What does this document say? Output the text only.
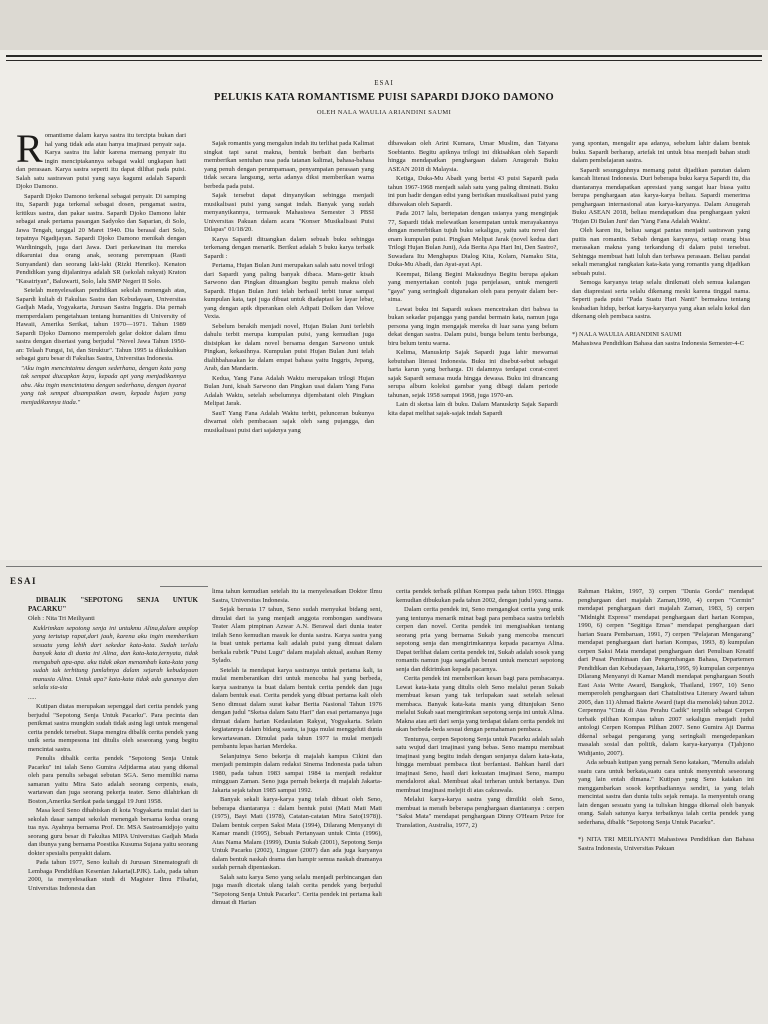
ESAI
PELUKIS KATA ROMANTISME PUISI SAPARDI DJOKO DAMONO
OLEH NALA WAULIA ARIANDINI SAUMI

Romantisme dalam karya sastra itu tercipta bukan dari hal yang tidak ada atau hanya imajinasi penyair saja. Karya sastra itu lahir karena memang penyair itu ingin menciptakannya sebagai wakil ungkapan hati dan perasaan. Karya sastra seperti itu dapat dilihat pada puisi. Salah satu sastrawan puisi yang saya kagumi adalah Sapardi Djoko Damono.

Sapardi Djoko Damono terkenal sebagai penyair. Di samping itu, Sapardi juga terkenal sebagai dosen, pengamat sastra, kritikus sastra, dan pakar sastra. Sapardi Djoko Damono lahir sebagai anak pertama pasangan Sadyoko dan Saparian, di Solo, Jawa Tengah, tanggal 20 Maret 1940. Dia berasal dari Solo, tepatnya Ngadijayan. Sapardi Djoko Damono menikah dengan Wardiningsih, juga dari Jawa. Dari perkawinan itu mereka dikaruniai dua orang anak, seorang perempuan (Rasti Sunyandani) dan seorang laki-laki (Rizki Henriko). Kenaton Pendidikan yang dijalaninya adalah SR (sekolah rakyat) Kraton "Kasatriyan", Baluwarti, Solo, lalu SMP Negeri II Solo.

Setelah menyelesaikan pendidikan sekolah menengah atas, Sapardi kuliah di Fakultas Sastra dan Kebudayaan, Universitas Gadjah Mada, Yogyakarta, Jurusan Sastra Inggris. Dia pernah memperdalam pengetahuan tentang humanities di University of Hawaii, Amerika Serikat, tahun 1970—1971. Tahun 1989 Sapardi Djoko Damono memperoleh gelar doktor dalam ilmu sastra dengan disertasi yang berjudul "Novel Jawa Tahun 1950-an: Telaah Fungsi, Isi, dan Struktur". Tahun 1995 ia dikukuhkan sebagai guru besar di Fakultas Sastra, Universitas Indonesia.

"Aku ingin mencintaimu dengan sederhana, dengan kata yang tak sempat diucapkan kayu, kepada api yang menjadikannya abu. Aku ingin mencintaimu dengan sederhana, dengan isyarat yang tak sempat disampaikan awan, kepada hujan yang menjadikannya tiada."

Sajak romantis yang mengalun indah itu terlihat pada Kalimat singkat tapi sarat makna, bentuk berbait dan berbaris memberikan sentuhan rasa pada tatanan kalimat, bahasa-bahasa yang penuh dengan perumpamaan, penyampaian perasaan yang tidak secara langsung, serta adanya diksi memberikan warna berbeda pada puisi.

Sajak tersebut dapat dinyanyikan sebingga menjadi musikalisasi puisi yang sangat indah. Banyak yang sudah menyanyikannya, termasuk Mahasiswa Semester 3 PBSI Universitas Pakuan dalam acara "Konser Musikalisasi Puisi Dilapas" 01/18/20.

Karya Sapardi dituangkan dalam sebuah buku sehingga terkenang dengan menarik. Berikut adalah 5 buku karya terbaik Sapardi :

Pertama, Hujan Bulan Juni merupakan salah satu novel trilogi dari Sapardi yang paling banyak dibaca. Mans-getir kisah Sarwono dan Pingkan dituangkan begitu penuh makna oleh Sapardi. Hujan Bulan Juni telah berhasil terbit tunar sampai kumpulan kata, tapi juga dibuat untuk diadaptasi ke layar lebar, yang dengan apik diperankan oleh Adipati Dolken dan Velove Vexia.

Sebelum berakih menjadi novel, Hujan Bulan Juni terlebih dahulu terbit merupa kumpulan puisi, yang kemudian juga disisipkan ke dalam novel bersama dengan Sarwono untuk Pingkan, kekasihnya. Kumpulan puisi Hujan Bulan Juni telah dialihbahasakan ke dalam empat bahasa yaitu Inggris, Jepang, Arab, dan Mandarin.

Kedua, Yang Fana Adalah Waktu merupakan trilogi Hujan Bulan Juni, kisah Sarwono dan Pingkan usai dalam Yang Fana Adalah Waktu, setelah sebelumnya dijembatani oleh Pingkan Melipat Jarak.

SauT Yang Fana Adalah Waktu terbit, pelunceran bukunya diwarnai oleh pembacaan sajak oleh sang pujangga, dan musikalisasi puisi dari sajaknya yang

dibawakan oleh Arini Kumara, Umar Muslim, dan Tatyana Soebianto. Begitu apiknya trilogi ini dikisahkan oleh Sapardi hingga mendapatkan penghargaan dalam Anugerah Buku ASEAN 2018 di Malaysia.

Ketiga, Duka-Mu Abadi yang berisi 43 puisi Sapardi pada tahun 1967-1968 menjadi salah satu yang paling diminati. Buku ini pun hadir dengan edisi yang berisikan musikalisasi puisi yang dibawakan oleh Sapardi.

Pada 2017 lalu, bertepatan dengan usianya yang menginjak 77, Sapardi tidak melewatkan kesempatan untuk merayakannya dengan menerbitkan tujuh buku sekaligus, yaitu satu novel dan enam kumpulan puisi. Pingkan Melipat Jarak (novel kedua dari Trilogi Hujan Bulan Juni), Ada Berita Apa Hari Ini, Den Sastro?, Suwadara Itu Menghapus Dialog Kita, Kolam, Namaku Sita, Duka-Mu Abadi, dan Ayat-ayat Api.

Keempat, Bilang Begini Maksudnya Begitu berupa ajakan yang menyertakan contoh juga penjelasan, untuk mengerti "gaya" yang seringkali digunakan oleh para penyair dalam ber-sima.

Lewat buku ini Sapardi sukses mencetrakan diri bahwa ia bukan sekadar pujangga yang pandai bermain kata, namun juga persona yang ingin mengajak mereka di luar sana yang belum dekat dengan sastra. Dalam puisi, bunga belum tentu berbunga, biru belum tentu warna.

Kelima, Manuskrip Sajak Sapardi juga lahir mewarnai kebutuhan literasi Indonesia. Buku ini disebut-sebut sebagai harta karun yang berharga. Di dalamnya terdapat corat-coret sajak Sapardi semasa muda hingga dewasa. Buku ini dirancang serupa album koleksi gambar yang dibagi dalam periode tahunan, sejak 1958 sampai 1968, juga 1970-an.

Lain di sketsa lain di buku. Dalam Manuskrip Sajak Sapardi kita dapat melihat sajak-sajak indah Sapardi

yang spontan, mengalir apa adanya, sebelum lahir dalam bentuk buku. Sapardi berharap, artefak ini untuk bisa menjadi bahan studi dalam pembelajaran sastra.

Sapardi sesungguhnya memang patut dijadikan panutan dalam kancah literasi Indonesia. Duri beberapa buku karya Sapardi itu, dia diantaranya mendapatkan apresiasi yang sangat luar biasa yaitu berupa penghargaan atas karya-karya beliau. Sapardi menerima penghargaan internasional atas karya-karyanya. Dalam Anugerah Buku ASEAN 2018, beliau mendapatkan dua penghargaan yakni 'Hujan Di Bulan Juni' dan 'Yang Fana Adalah Waktu'.

Oleh karen itu, beliau sangat pantas menjadi sastrawan yang puitis nan romantis. Sebab dengan karyanya, setiap orang bisa merasakan makna yang terkandung di dalam puisi tersebut. Sehingga membuat hati luluh dan terbawa perasaan. Beliau pandai sekali merangkai rangkaian kata-kata yang romantis yang dijadikan sebuah puisi.

Semoga karyanya tetap selalu dinikmati oleh semua kalangan dan diapresiasi serta selalu dikenang meski karena tinggal nama. Seperti pada puisi "Pada Suatu Hari Nanti" bermakna tentang keabadian hidup, berkat karya-karyanya yang akan selalu kekal dan dikenang oleh pembaca sastra.

*) NALA WAULIA ARIANDINI SAUMI

Mahasiswa Pendidikan Bahasa dan sastra Indonesia Semester-4-C

ESAI

DIBALIK "SEPOTONG SENJA UNTUK PACARKU"

Oleh : Nita Tri Meiliyanti

Kuklrimkan sepotong senja ini untukmu Alina,dalam amplop yang tertutup rapat,dari jauh, karena aku ingin memberikan sesuatu yang lebih dari sekedar kata-kata. Sudah terlalu banyak kata di dunia ini Alina, dan kata-kata,ternyata, tidak mengubah apa-apa. aku tidak akan menambah kata-kata yang sudah tak terhitung jumlahnya dalam sejarah kebudayaan manusia Alina. Untuk apa? kata-kata tidak ada gunanya dan selalu sia-sia

.....

Kutipan diatas merupakan sepenggal dari cerita pendek yang berjudul "Sepotong Senja Untuk Pacarku". Para pecinta dan penikmat sastra mungkin sudah tidak asing lagi untuk mengenal cerita pendek tersebut. Siapa mengira dibalik cerita pendek yang unik serta mempesona ini ditulis oleh seseorang yang begitu mencintai sastra.

Penulis dibalik cerita pendek "Sepotong Senja Untuk Pacarku" ini ialah Seno Gumira Adjidarma atau yang dikenal oleh para penulis sebagai sebutan SGA. Seno memiliki nama samaran yaitu Mira Sato adalah seorang cerpenis, esais, wartawan dan juga seorang pekerja teater. Seno dilahirkan di Boston,Amerika Serikat pada tanggal 19 Juni 1958.

Masa kecil Seno dihabiskan di kota Yogyakarta mulai dari ia sekolah dasar sampai sekolah menengah bersama kedua orang tua nya. Ayahnya bernama Prof. Dr. MSA Sastroamidjojo yaitu seorang guru besar di Fakultas MIPA Universitas Gadjah Mada dan ibunya yang bernama Poestika Kusuma Sujana yaitu seorang dokter spesialis penyakit dalam.

Pada tahun 1977, Seno kuliah di Jurusan Sinematografi di Lembaga Pendidikan Kesenian Jakarta(LPJK). Lalu, pada tahun 2000, ia menyelesaikan studi di Magister Ilmu Filsafat, Universitas Indonesia dan

lima tahun kemudian setelah itu ia menyelesaikan Doktor Ilmu Sastra, Universitas Indonesia.

Sejak berusia 17 tahun, Seno sudah menyukai bidang seni, dimulai dari ia yang menjadi anggota rombongan sandiwara Teater Alam pimpinan Azwar A.N. Berawal dari dunia teater inilah Seno kemudian masuk ke dunia sastra. Karya sastra yang ia buat untuk pertama kali adalah puisi yang dimuat dalam berkala rubrik "Puisi Lugu" dalam majalah aktual, asuhan Remy Sylado.

Setelah ia mendapat karya sastranya untuk pertama kali, ia mulai memberanikan diri untuk mencoba hal yang berbeda, karya sastranya ia buat dalam bentuk cerita pendek dan juga dalam bentuk esai. Cerita pendek yang dibuat pertama kali oleh Seno dimuat dalam surat kabar Berita Nasional Tahun 1976 dengan judul "Sketsa dalam Satu Hari" dan esai pertamanya juga dimuat dalam harian Kedaulatan Rakyat, Yogyakarta. Selain kegiatannya dalam bidang sastra, ia juga mulai menggeluti dunia kewartawanan. Dimulai pada tahun 1977 ia mulai menjadi pembantu lepas harian Merdeka.

Selanjutnya Seno bekerja di majalah kampus Cikini dan menjadi pemimpin dalam redaksi Sinema Indonesia pada tahun 1980, pada tahun 1983 sampai 1984 ia menjadi redaktur mingguan Zaman. Seno juga pernah bekerja di majalah Jakarta-Jakarta sejak tahun 1985 sampai 1992.

Banyak sekali karya-karya yang telah dibuat oleh Seno, beberapa diantaranya : dalam bentuk puisi (Mati Mati Mati (1975), Bayi Mati (1978), Catatan-catatan Mira Sato(1978)). Dalam bentuk cerpen Saksi Mata (1994), Dilarang Menyanyi di Kamar mandi (1995), Sebuah Pertanyaan untuk Cinta (1996), Atas Nama Malam (1999), Dunia Sukab (2001), Sepotong Senja Untuk Pacarku (2002), Linguae (2007) dan ada juga karyanya dalam bentuk naskah drama dan hampir semua naskah dramanya sudah pernah dipentaskan.

Salah satu karya Seno yang selalu menjadi perbincangan dan juga masih dicetak ulang ialah cerita pendek yang berjudul "Sepotong Senja Untuk Pacarku". Cerita pendek ini pertama kali dimuat di Harian

cerita pendek terbaik pilihan Kompas pada tahun 1993. Hingga kemudian dibukukan pada tahun 2002, dengan judul yang sama.

Dalam cerita pendek ini, Seno mengangkat cerita yang unik yang tentunya menarik minat bagi para pembaca sastra terlebih cerpen dan novel. Cerita pendek ini mengisahkan tentang seorang pria yang bernama Sukab yang mencoba mencuri sepotong senja dan mengirimkannya kepada pacarnya Alina. Dapat terlihat dalam cerita pendek ini, Sukab adalah sosok yang romantis namun juga sangatlah berani untuk mencuri sepotong senja dan dikirimkan kepada pacarnya.

Cerita pendek ini memberikan kesan bagi para pembacanya. Lewat kata-kata yang ditulis oleh Seno melalui peran Sukab membuat kesan yang tak terlupakan saat setelah selesai membaca. Banyak kata-kata manis yang ditunjukan Seno melalui Sukab saat mengirimkan sepotong senja ini untuk Alina. Makna atau arti dari senja yang terdapat dalam cerita pendek ini akan berbeda-beda sesuai dengan pemahaman pembaca.

Tentunya, cerpen Sepotong Senja untuk Pacarku adalah salah satu wujud dari imajinasi yang bebas. Seno mampu membuat imajinasi yang begitu indah dengan senjanya dalam kata-kata, hingga membuat pembaca ikut berfantasi. Bahkan hanil dari imajinasi Seno, hasil dari kekuatan imajinasi Seno, mampu mendaloroi akal. Membuat akal terheran untuk bertanya. Dan membuat imajinasi melejit di atas cakrawala.

Melalui karya-karya sastra yang dimiliki oleh Seno, membuat ia meraih beberapa penghargaan diantaranya : cerpen "Saksi Mata" mendapat penghargaan Dinny O'Hearn Prize for Translation, Australia, 1977, 2)

Rahman Hakim, 1997, 3) cerpen "Dunia Gorda" mendapat penghargaan dari majalah Zaman,1990, 4) cerpen "Cermin" mendapat penghargaan dari majalah Zaman, 1983, 5) cerpen "Midnight Express" mendapat penghargaan dari harian Kompas, 1990, 6) cerpen "Segitiga Emas" mendapat penghargaan dari harian Suara Pembaruan, 1991, 7) cerpen "Pelajaran Mengarang" mendapat penghargaan dari harian Kompas, 1993, 8) kumpulan cerpen Saksi Mata mendapat penghargaan dari Penulisan Kreatif dari Pusat Pembinaan dan Pengembangan Bahasa, Departemen Pendidikan dan Kebudayaan, Jakarta,1995, 9) kumpulan cerpennya Dilarang Menyanyi di Kamar Mandi mendapat penghargaan South East Asia Write Award, Bangkok, Thailand, 1997, 10) Seno memperoleh penghargaan dari Chatulistiwa Literary Award tahun 2005, dan 11) Ahmad Bakrie Award (tapi dia menolak) tahun 2012. Cerpennya "Cinta di Atas Perahu Cadik" terpilih sebagai Cerpen terbaik pilihan Kompas tahun 2007 sekaligus menjadi judul antologi Cerpen Kompas Pilihan 2007. Seno Gumira Aji Darma dikenal sebagai pengarang yang seringkali mengedepankan masalah sosial dan politik, dalam karya-karyanya (Tjahjono Widijanto, 2007).

Ada sebuah kutipan yang pernah Seno katakan, "Menulis adalah suatu cara untuk berkata,suatu cara untuk menyentuh seseorang yang lain entah dimana." Kutipan yang Seno katakan ini menggambarkan sosok kepribadiannya sendiri, ia yang telah mencintai sastra dan dunia tulis sejak remaja. Ia menyentuh orang lain dengan sesuatu yang ia tuliskan hingga dikenal oleh banyak orang. Salah satunya karya terbaiknya ialah cerita pendek yang sederhana, dibalik "Sepotong Senja Untuk Pacarku".

*) NITA TRI MEILIYANTI Mahasiswa Pendidikan dan Bahasa Sastra Indonesia, Universitas Pakuan
